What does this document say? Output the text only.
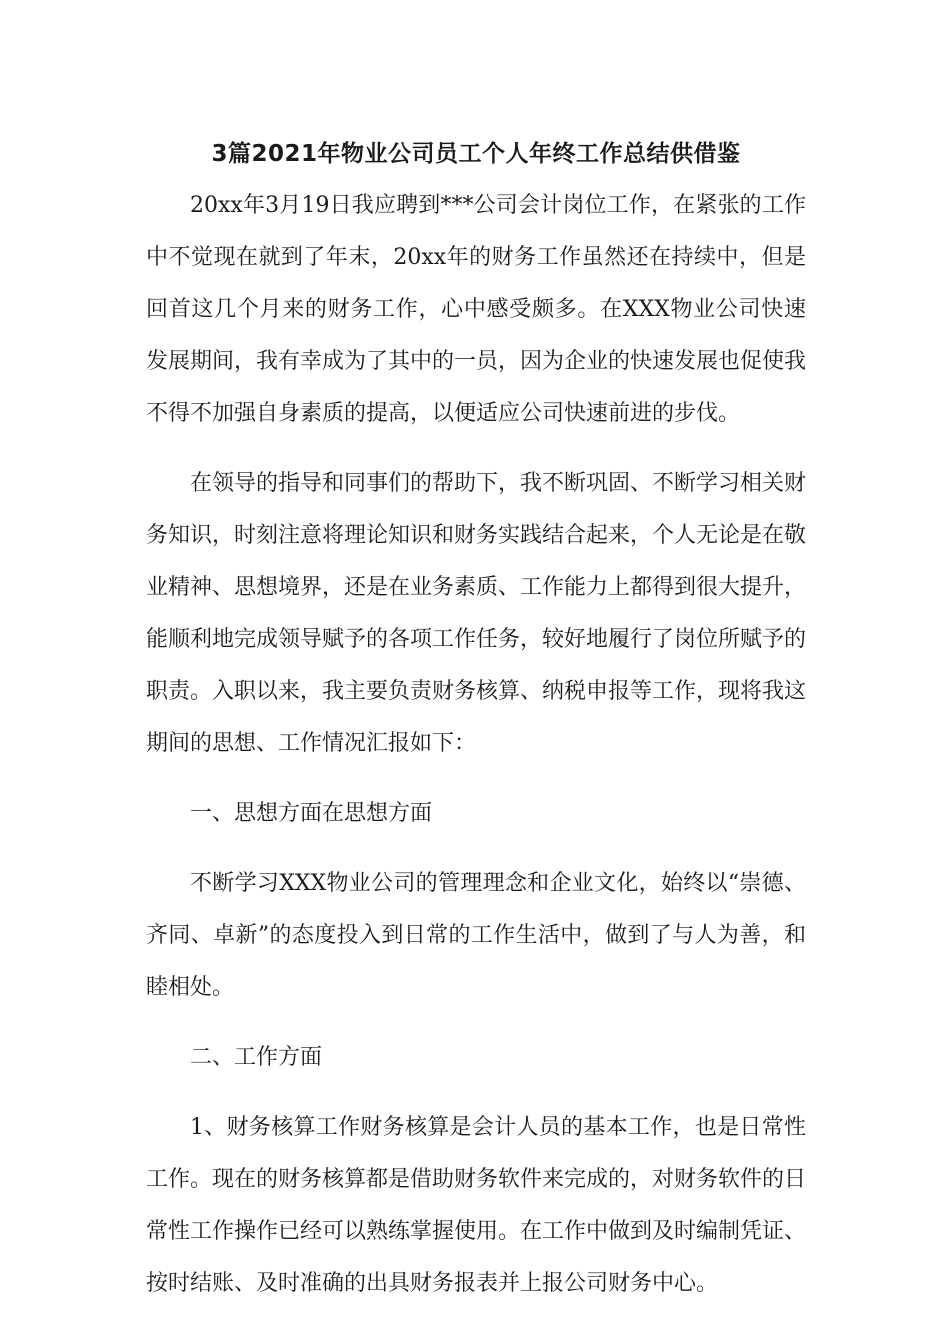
3篇2021年物业公司员工个人年终工作总结供借鉴

20xx年3月19日我应聘到***公司会计岗位工作，在紧张的工作中不觉现在就到了年末，20xx年的财务工作虽然还在持续中，但是回首这几个月来的财务工作，心中感受颇多。在XXX物业公司快速发展期间，我有幸成为了其中的一员，因为企业的快速发展也促使我不得不加强自身素质的提高，以便适应公司快速前进的步伐。

在领导的指导和同事们的帮助下，我不断巩固、不断学习相关财务知识，时刻注意将理论知识和财务实践结合起来，个人无论是在敬业精神、思想境界，还是在业务素质、工作能力上都得到很大提升，能顺利地完成领导赋予的各项工作任务，较好地履行了岗位所赋予的职责。入职以来，我主要负责财务核算、纳税申报等工作，现将我这期间的思想、工作情况汇报如下：

一、思想方面在思想方面

不断学习XXX物业公司的管理理念和企业文化，始终以“崇德、齐同、卓新”的态度投入到日常的工作生活中，做到了与人为善，和睦相处。

二、工作方面

1、财务核算工作财务核算是会计人员的基本工作，也是日常性工作。现在的财务核算都是借助财务软件来完成的，对财务软件的日常性工作操作已经可以熟练掌握使用。在工作中做到及时编制凭证、按时结账、及时准确的出具财务报表并上报公司财务中心。
